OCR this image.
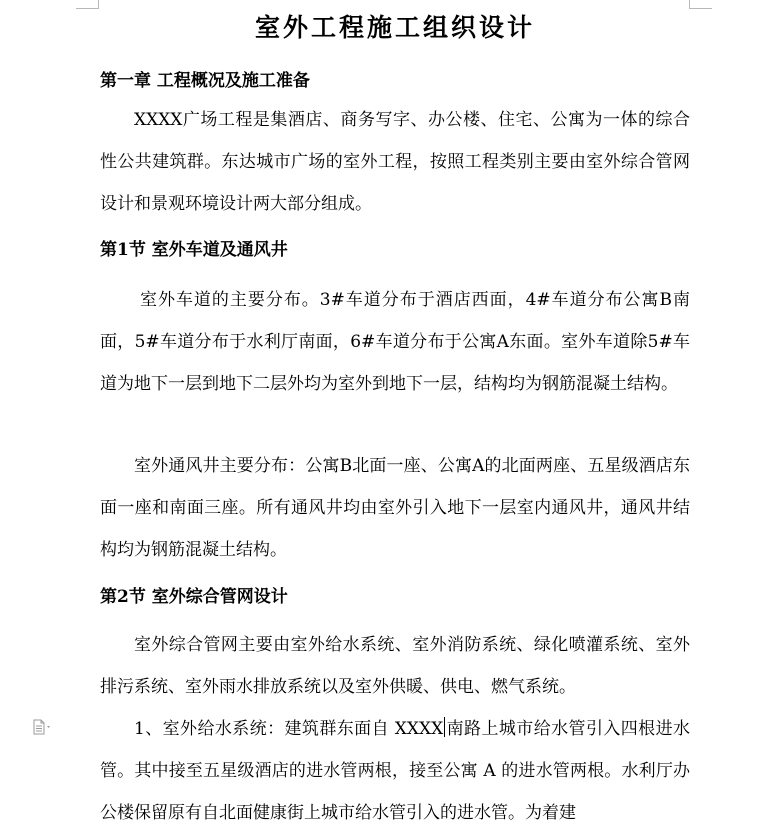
室外工程施工组织设计
第一章 工程概况及施工准备
XXXX广场工程是集酒店、商务写字、办公楼、住宅、公寓为一体的综合性公共建筑群。东达城市广场的室外工程，按照工程类别主要由室外综合管网设计和景观环境设计两大部分组成。
第1节 室外车道及通风井
室外车道的主要分布。3#车道分布于酒店西面，4#车道分布公寓B南面，5#车道分布于水利厅南面，6#车道分布于公寓A东面。室外车道除5#车道为地下一层到地下二层外均为室外到地下一层，结构均为钢筋混凝土结构。
室外通风井主要分布：公寓B北面一座、公寓A的北面两座、五星级酒店东面一座和南面三座。所有通风井均由室外引入地下一层室内通风井，通风井结构均为钢筋混凝土结构。
第2节 室外综合管网设计
室外综合管网主要由室外给水系统、室外消防系统、绿化喷灌系统、室外排污系统、室外雨水排放系统以及室外供暖、供电、燃气系统。
1、室外给水系统：建筑群东面自 XXXX 南路上城市给水管引入四根进水管。其中接至五星级酒店的进水管两根，接至公寓 A 的进水管两根。水利厅办公楼保留原有自北面健康街上城市给水管引入的进水管。为着建
